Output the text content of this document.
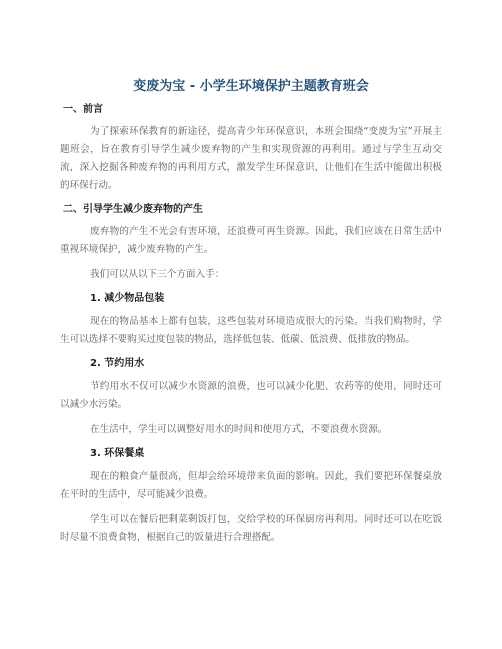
变废为宝 - 小学生环境保护主题教育班会
一、前言

为了探索环保教育的新途径，提高青少年环保意识，本班会围绕“变废为宝”开展主题班会，旨在教育引导学生减少废弃物的产生和实现资源的再利用。通过与学生互动交流，深入挖掘各种废弃物的再利用方式，激发学生环保意识，让他们在生活中能做出积极的环保行动。

二、引导学生减少废弃物的产生

废弃物的产生不光会有害环境，还浪费可再生资源。因此，我们应该在日常生活中重视环境保护，减少废弃物的产生。

我们可以从以下三个方面入手：

1. 减少物品包装

现在的物品基本上都有包装，这些包装对环境造成很大的污染。当我们购物时，学生可以选择不要购买过度包装的物品，选择低包装、低碳、低浪费、低排放的物品。

2. 节约用水

节约用水不仅可以减少水资源的浪费，也可以减少化肥、农药等的使用，同时还可以减少水污染。

在生活中，学生可以调整好用水的时间和使用方式，不要浪费水资源。

3. 环保餐桌

现在的粮食产量很高，但却会给环境带来负面的影响。因此，我们要把环保餐桌放在平时的生活中，尽可能减少浪费。

学生可以在餐后把剩菜剩饭打包，交给学校的环保厨房再利用。同时还可以在吃饭时尽量不浪费食物，根据自己的饭量进行合理搭配。
